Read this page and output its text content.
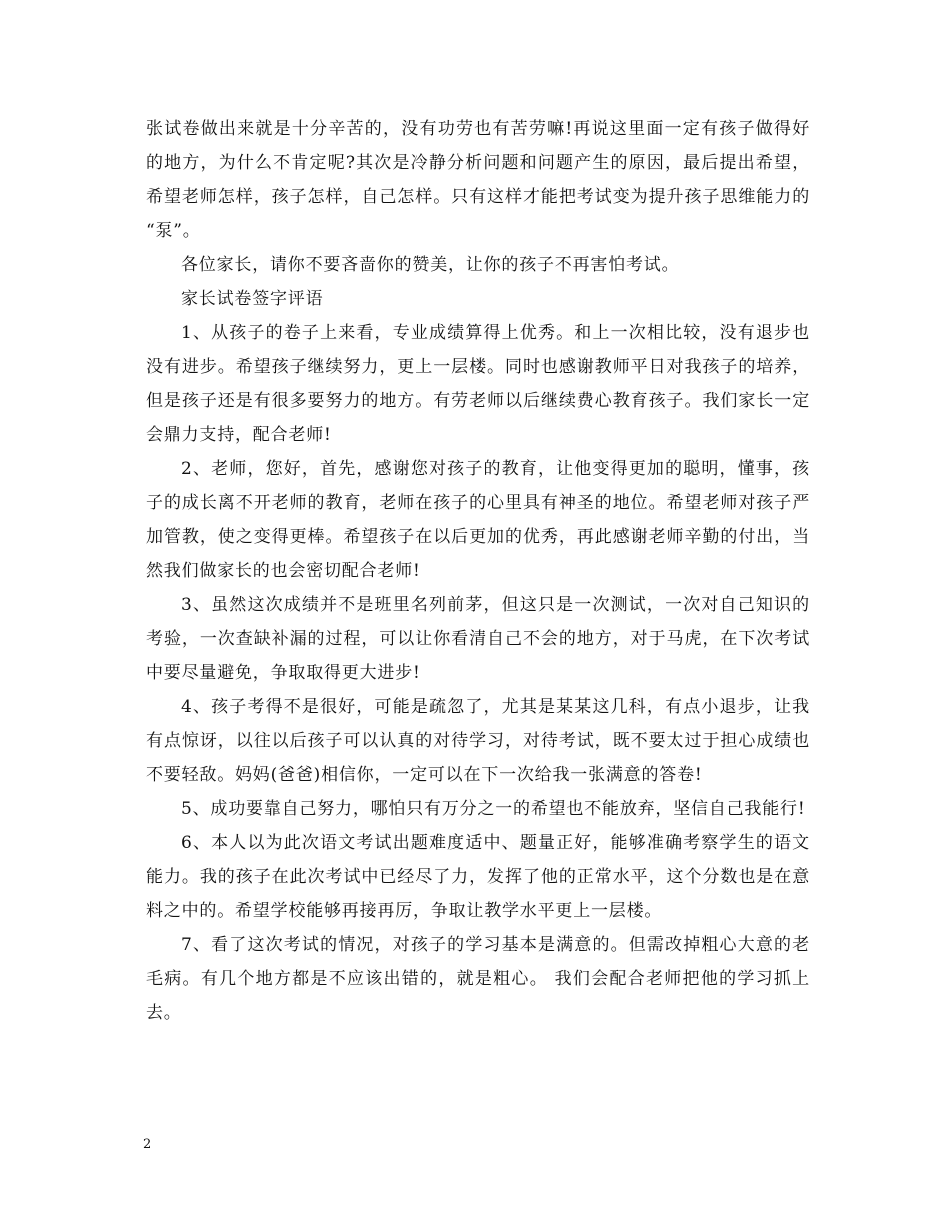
张试卷做出来就是十分辛苦的，没有功劳也有苦劳嘛!再说这里面一定有孩子做得好的地方，为什么不肯定呢?其次是冷静分析问题和问题产生的原因，最后提出希望，希望老师怎样，孩子怎样，自己怎样。只有这样才能把考试变为提升孩子思维能力的 “泵”。

各位家长，请你不要吝啬你的赞美，让你的孩子不再害怕考试。

家长试卷签字评语

1、从孩子的卷子上来看，专业成绩算得上优秀。和上一次相比较，没有退步也没有进步。希望孩子继续努力，更上一层楼。同时也感谢教师平日对我孩子的培养，但是孩子还是有很多要努力的地方。有劳老师以后继续费心教育孩子。我们家长一定会鼎力支持，配合老师!

2、老师，您好，首先，感谢您对孩子的教育，让他变得更加的聪明，懂事，孩子的成长离不开老师的教育，老师在孩子的心里具有神圣的地位。希望老师对孩子严加管教，使之变得更棒。希望孩子在以后更加的优秀，再此感谢老师辛勤的付出，当然我们做家长的也会密切配合老师!

3、虽然这次成绩并不是班里名列前茅，但这只是一次测试，一次对自己知识的考验，一次查缺补漏的过程，可以让你看清自己不会的地方，对于马虎，在下次考试中要尽量避免，争取取得更大进步!

4、孩子考得不是很好，可能是疏忽了，尤其是某某这几科，有点小退步，让我有点惊讶，以往以后孩子可以认真的对待学习，对待考试，既不要太过于担心成绩也不要轻敌。妈妈(爸爸)相信你，一定可以在下一次给我一张满意的答卷!

5、成功要靠自己努力，哪怕只有万分之一的希望也不能放弃，坚信自己我能行!

6、本人以为此次语文考试出题难度适中、题量正好，能够准确考察学生的语文能力。我的孩子在此次考试中已经尽了力，发挥了他的正常水平，这个分数也是在意料之中的。希望学校能够再接再厉，争取让教学水平更上一层楼。

7、看了这次考试的情况，对孩子的学习基本是满意的。但需改掉粗心大意的老毛病。有几个地方都是不应该出错的，就是粗心。 我们会配合老师把他的学习抓上去。

2
